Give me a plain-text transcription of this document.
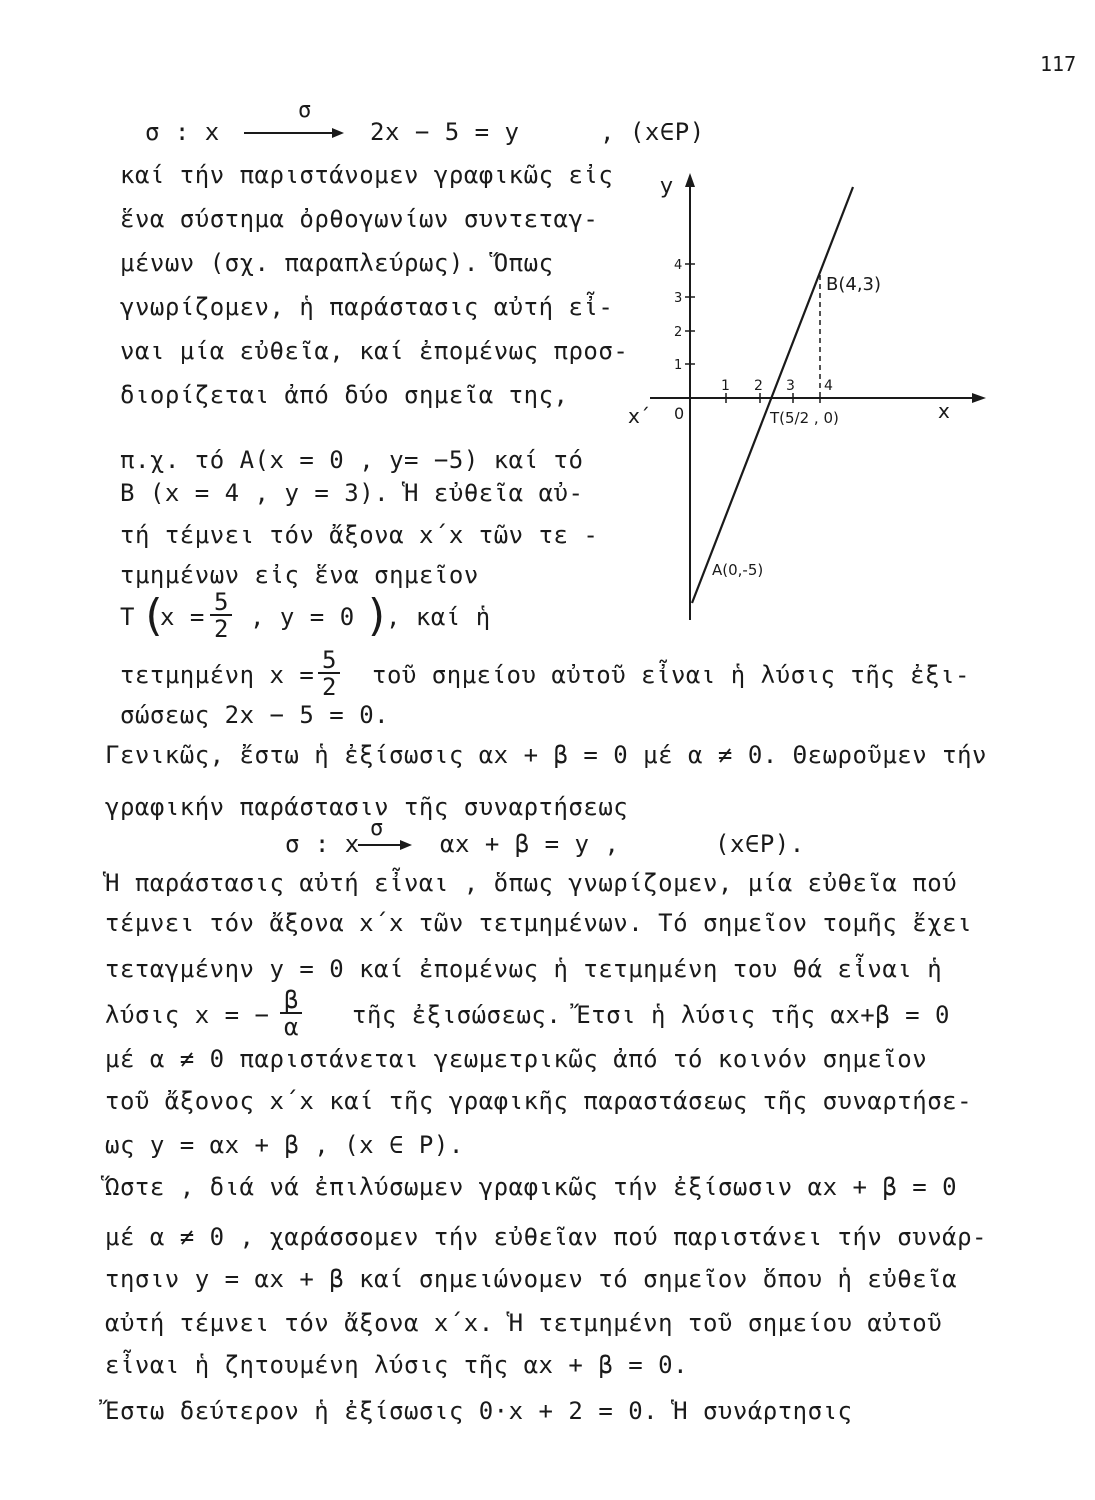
117
σ
σ : x	2x − 5 = y	, (x∈P)
καί τήν παριστάνομεν γραφικῶς εἰς
ἕνα σύστημα ὀρθογωνίων συντεταγ-
μένων (σχ. παραπλεύρως). Ὅπως
γνωρίζομεν, ἡ παράστασις αὐτή εἶ-
ναι μία εὐθεῖα, καί ἐπομένως προσ-
διορίζεται ἀπό δύο σημεῖα της,
π.χ. τό A(x = 0 , y= −5) καί τό
B (x = 4 , y = 3). Ἡ εὐθεῖα αὐ-
τή τέμνει τόν ἄξονα x΄x τῶν τε -
τμημένων εἰς ἕνα σημεῖον
T (
$x = \frac{5}{2}$ , y = 0 )
, καί ἡ
τετμημένη $x = \frac{5}{2}$ τοῦ σημείου αὐτοῦ εἶναι ἡ λύσις τῆς ἐξι-
σώσεως 2x − 5 = 0.
y
x
x΄ 0
4
3
2
1
1 2 3 4
B(4,3)
T(5/2 , 0)
A(0,-5)
Γενικῶς, ἔστω ἡ ἐξίσωσις αx + β = 0 μέ α ≠ 0. Θεωροῦμεν τήν
γραφικήν παράστασιν τῆς συναρτήσεως
σ
σ : x	αx + β = y ,	(x∈P).
Ἡ παράστασις αὐτή εἶναι , ὅπως γνωρίζομεν, μία εὐθεῖα πού
τέμνει τόν ἄξονα x΄x τῶν τετμημένων. Τό σημεῖον τομῆς ἔχει
τεταγμένην y = 0 καί ἐπομένως ἡ τετμημένη του θά εἶναι ἡ
λύσις x = − $\frac{\beta}{\alpha}$ τῆς ἐξισώσεως. Ἔτσι ἡ λύσις τῆς αx+β = 0
μέ α ≠ 0 παριστάνεται γεωμετρικῶς ἀπό τό κοινόν σημεῖον
τοῦ ἄξονος x΄x καί τῆς γραφικῆς παραστάσεως τῆς συναρτήσε-
ως y = αx + β , (x ∈ P).
Ὥστε , διά νά ἐπιλύσωμεν γραφικῶς τήν ἐξίσωσιν αx + β = 0
μέ α ≠ 0 , χαράσσομεν τήν εὐθεῖαν πού παριστάνει τήν συνάρ-
τησιν y = αx + β καί σημειώνομεν τό σημεῖον ὅπου ἡ εὐθεῖα
αὐτή τέμνει τόν ἄξονα x΄x. Ἡ τετμημένη τοῦ σημείου αὐτοῦ
εἶναι ἡ ζητουμένη λύσις τῆς αx + β = 0.
Ἔστω δεύτερον ἡ ἐξίσωσις 0·x + 2 = 0. Ἡ συνάρτησις
